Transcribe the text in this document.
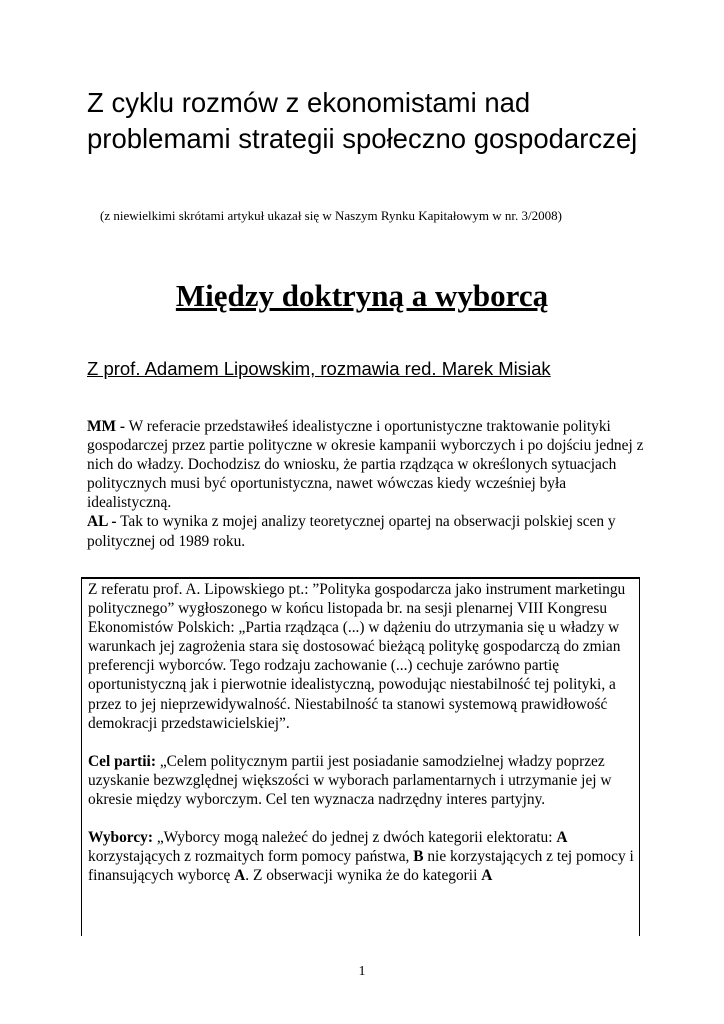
Z cyklu rozmów z ekonomistami nad problemami strategii społeczno gospodarczej
(z niewielkimi skrótami artykuł ukazał się w Naszym Rynku Kapitałowym w nr. 3/2008)
Między doktryną a wyborcą
Z prof. Adamem Lipowskim, rozmawia red. Marek Misiak

MM - W referacie przedstawiłeś idealistyczne i oportunistyczne traktowanie polityki gospodarczej przez partie polityczne w okresie kampanii wyborczych i po dojściu jednej z nich do władzy. Dochodzisz do wniosku, że partia rządząca w określonych sytuacjach politycznych musi być oportunistyczna, nawet wówczas kiedy wcześniej była idealistyczną.

AL - Tak to wynika z mojej analizy teoretycznej opartej na obserwacji polskiej scen y politycznej od 1989 roku.

Z referatu prof. A. Lipowskiego pt.: ”Polityka gospodarcza jako instrument marketingu politycznego” wygłoszonego w końcu listopada br. na sesji plenarnej VIII Kongresu Ekonomistów Polskich: „Partia rządząca (...) w dążeniu do utrzymania się u władzy w warunkach jej zagrożenia stara się dostosować bieżącą politykę gospodarczą do zmian preferencji wyborców. Tego rodzaju zachowanie (...) cechuje zarówno partię oportunistyczną jak i pierwotnie idealistyczną, powodując niestabilność tej polityki, a przez to jej nieprzewidywalność. Niestabilność ta stanowi systemową prawidłowość demokracji przedstawicielskiej”.

Cel partii: „Celem politycznym partii jest posiadanie samodzielnej władzy poprzez uzyskanie bezwzględnej większości w wyborach parlamentarnych i utrzymanie jej w okresie między wyborczym. Cel ten wyznacza nadrzędny interes partyjny.

Wyborcy: „Wyborcy mogą należeć do jednej z dwóch kategorii elektoratu: A korzystających z rozmaitych form pomocy państwa, B nie korzystających z tej pomocy i finansujących wyborcę A. Z obserwacji wynika że do kategorii A

1
